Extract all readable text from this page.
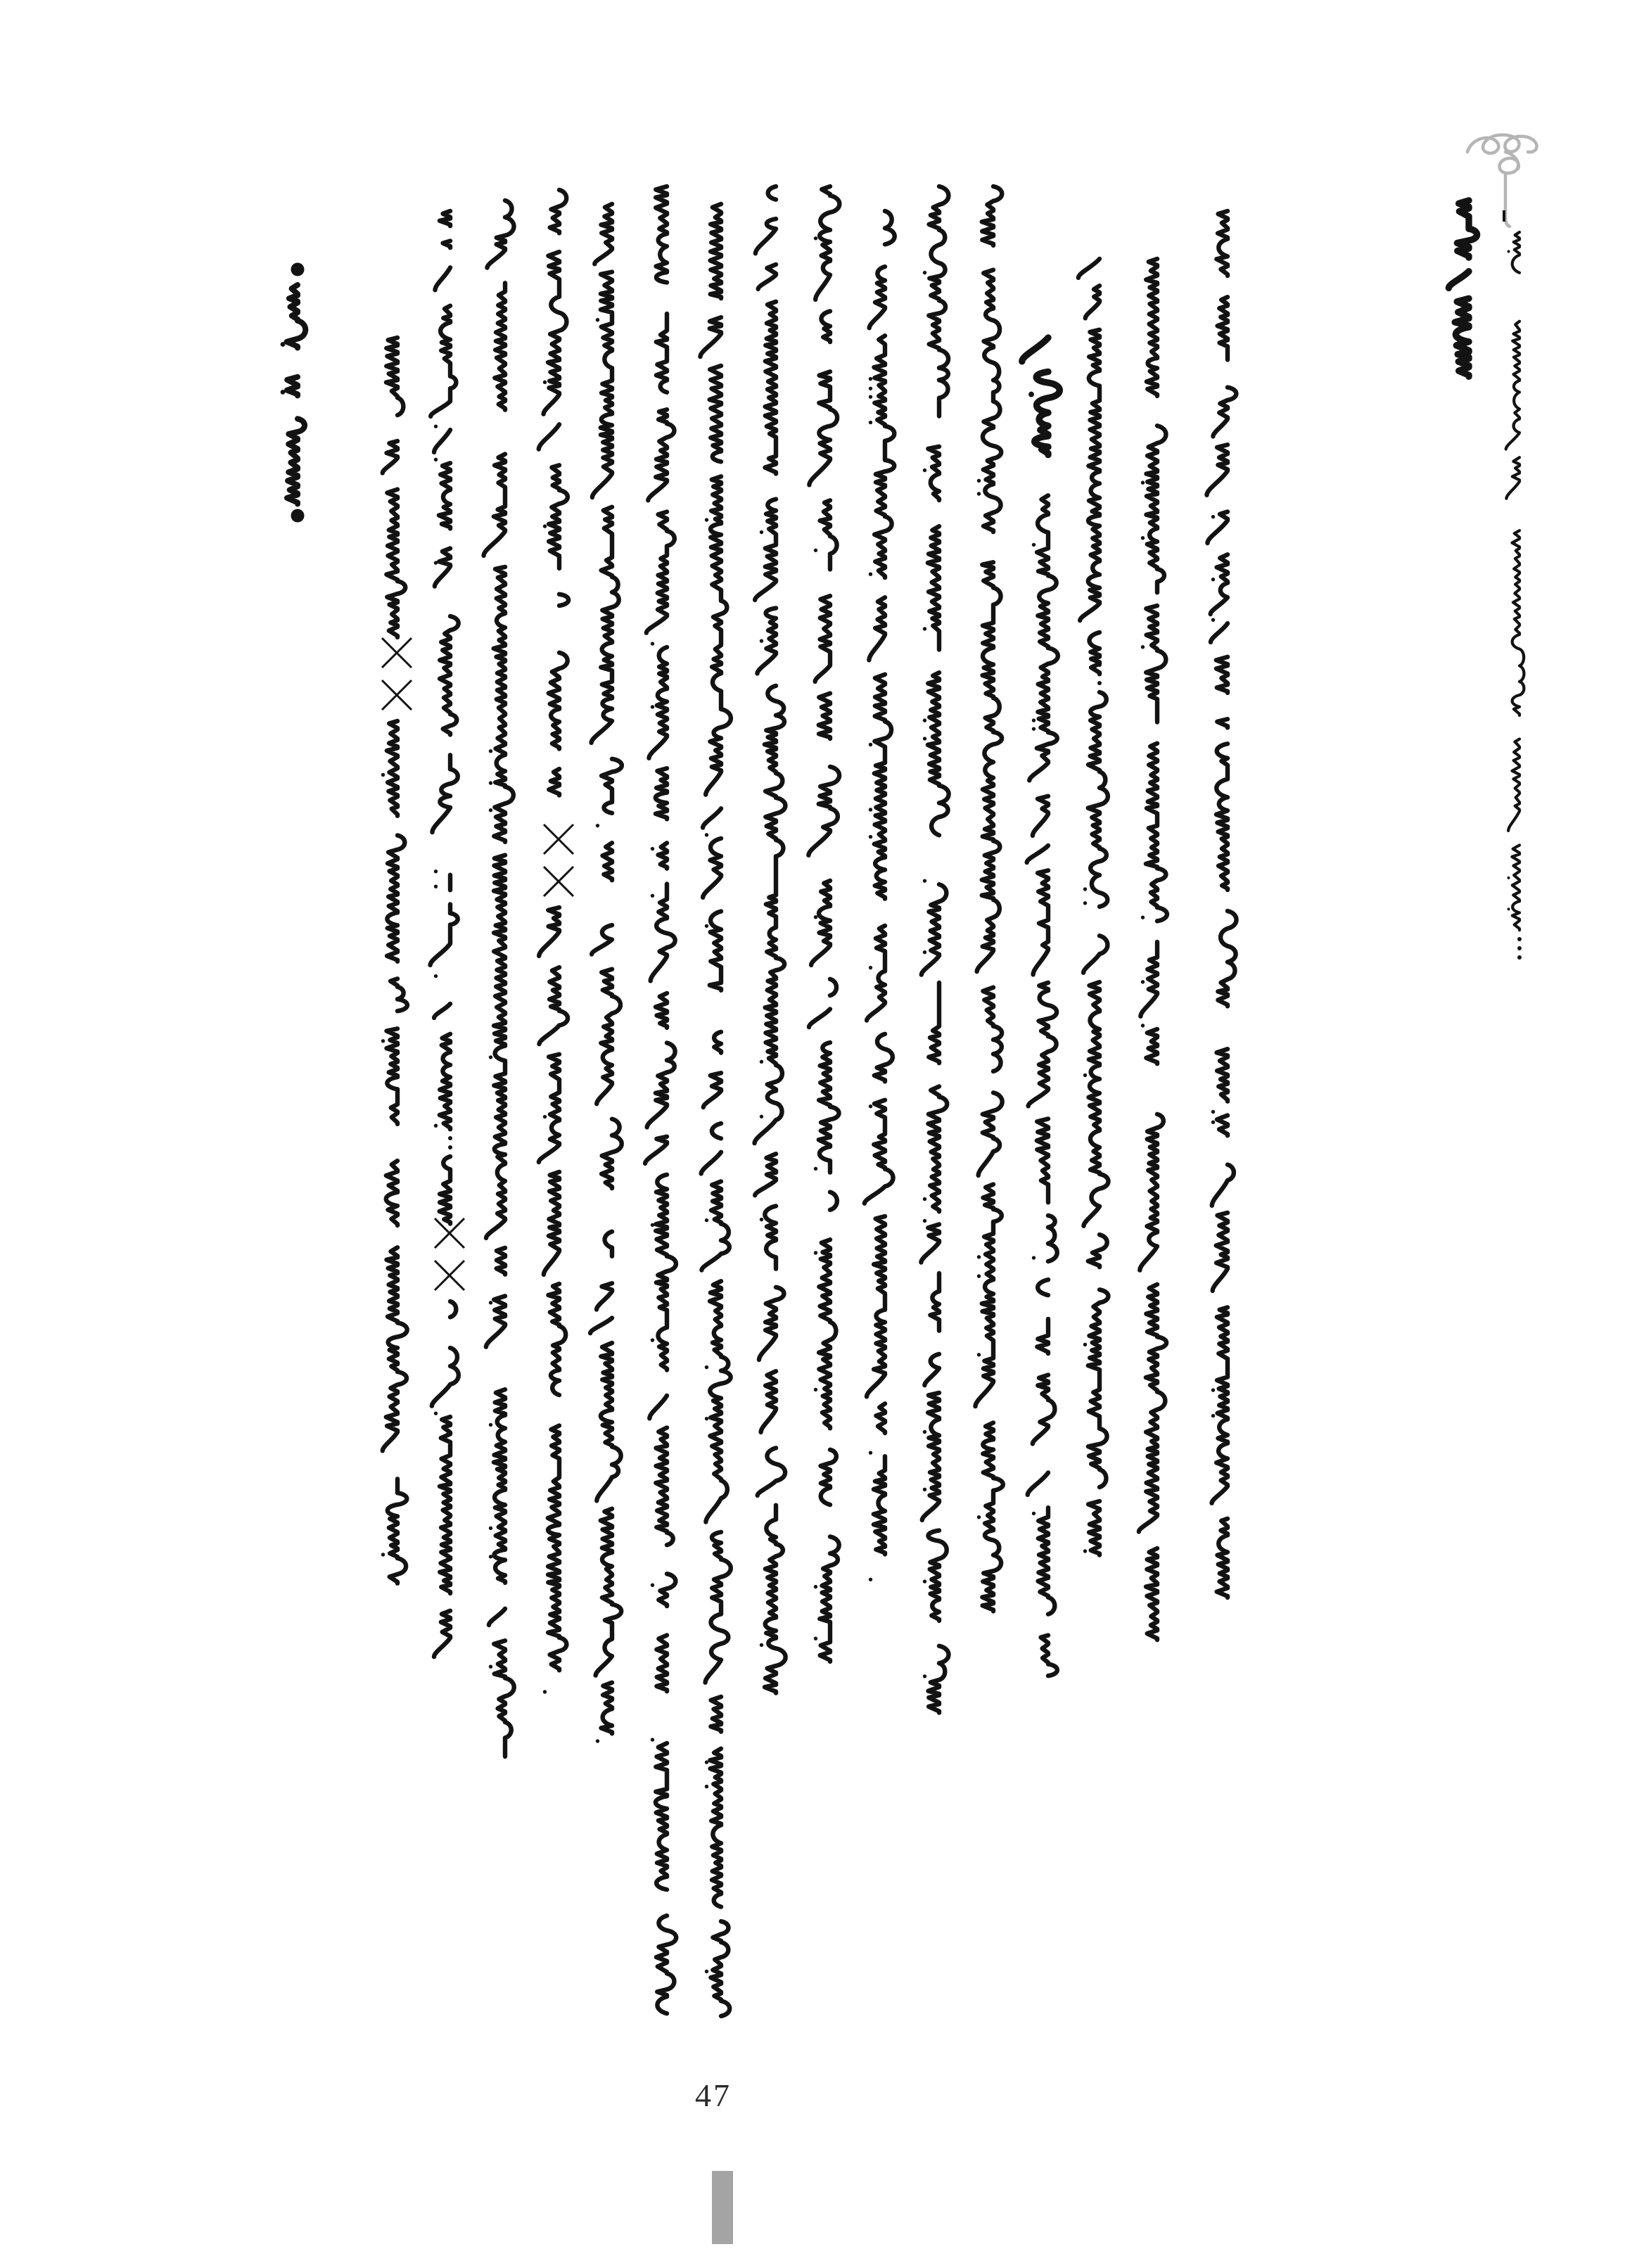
47
